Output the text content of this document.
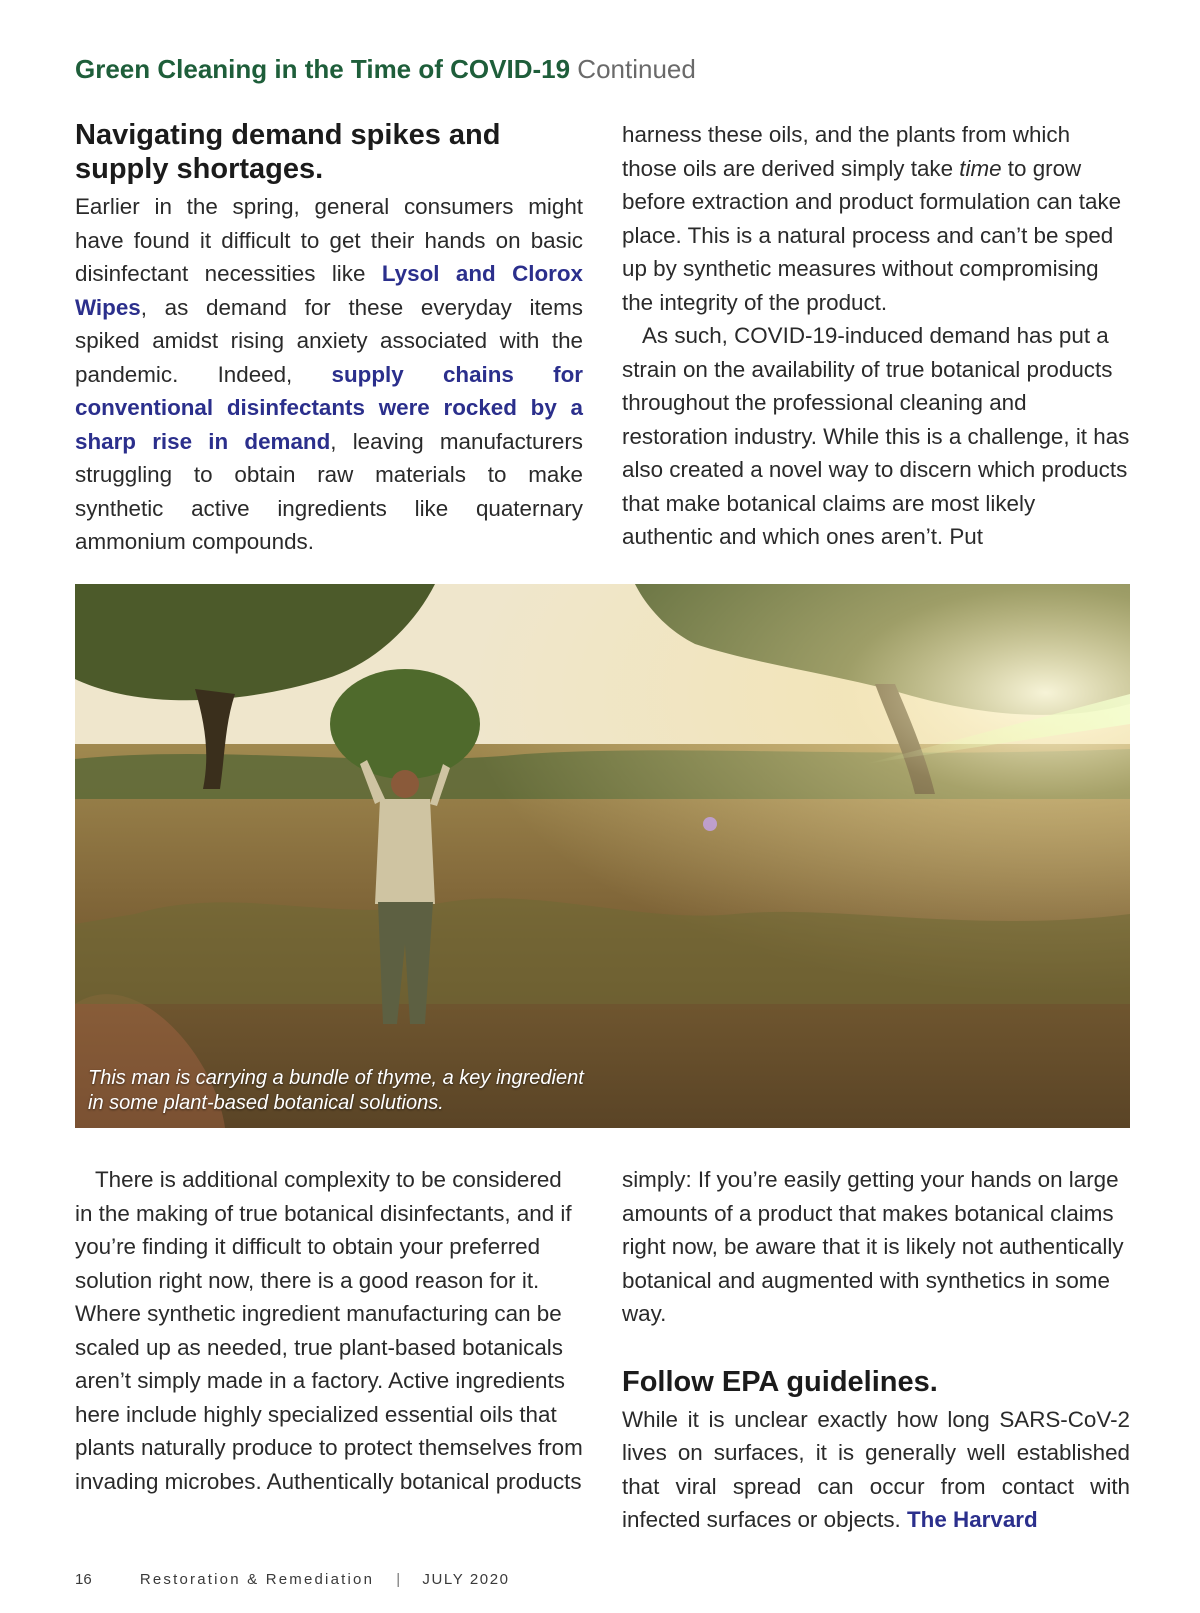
Green Cleaning in the Time of COVID-19 Continued
Navigating demand spikes and supply shortages.

Earlier in the spring, general consumers might have found it difficult to get their hands on basic disinfectant necessities like Lysol and Clorox Wipes, as demand for these everyday items spiked amidst rising anxiety associated with the pandemic. Indeed, supply chains for conventional disinfectants were rocked by a sharp rise in demand, leaving manufacturers struggling to obtain raw materials to make synthetic active ingredients like quaternary ammonium compounds.

harness these oils, and the plants from which those oils are derived simply take time to grow before extraction and product formulation can take place. This is a natural process and can’t be sped up by synthetic measures without compromising the integrity of the product.

As such, COVID-19-induced demand has put a strain on the availability of true botanical products throughout the professional cleaning and restoration industry. While this is a challenge, it has also created a novel way to discern which products that make botanical claims are most likely authentic and which ones aren’t. Put

This man is carrying a bundle of thyme, a key ingredient
in some plant-based botanical solutions.

There is additional complexity to be considered in the making of true botanical disinfectants, and if you’re finding it difficult to obtain your preferred solution right now, there is a good reason for it. Where synthetic ingredient manufacturing can be scaled up as needed, true plant-based botanicals aren’t simply made in a factory. Active ingredients here include highly specialized essential oils that plants naturally produce to protect themselves from invading microbes. Authentically botanical products

simply: If you’re easily getting your hands on large amounts of a product that makes botanical claims right now, be aware that it is likely not authentically botanical and augmented with synthetics in some way.

Follow EPA guidelines.

While it is unclear exactly how long SARS-CoV-2 lives on surfaces, it is generally well established that viral spread can occur from contact with infected surfaces or objects. The Harvard

16	Restoration & Remediation | JULY 2020
